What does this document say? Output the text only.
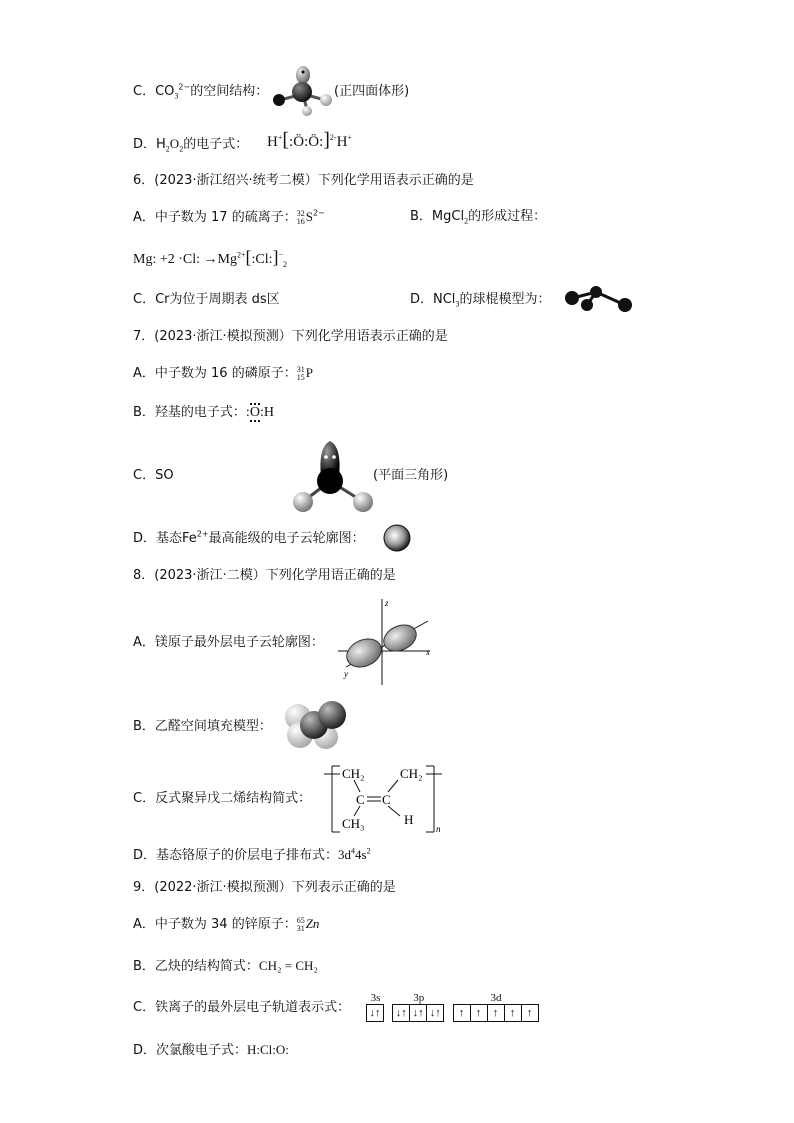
C．$CO_3^{2-}$的空间结构：	(正四面体形)
D．$H_2O_2$的电子式： H+[:Ö:Ö:]$^{2-}$H+
6．(2023·浙江绍兴·统考二模）下列化学用语表示正确的是
A．中子数为 17 的硫离子： 32
16 $S^{2-}$	B．MgCl$_2$的形成过程：
Mg: +2 ·Cl: $\to Mg^{2+}[:Cl:]^-_2$
C．Cr为位于周期表 ds区	D．NCl$_3$的球棍模型为：
7．(2023·浙江·模拟预测）下列化学用语表示正确的是
A．中子数为 16 的磷原子： 31
15 P
B．羟基的电子式：:O:H
C．SO	(平面三角形)
D．基态$Fe^{2+}$最高能级的电子云轮廓图：
8．(2023·浙江·二模）下列化学用语正确的是
A．镁原子最外层电子云轮廓图：
z
x
y
B．乙醛空间填充模型：
C．反式聚异戊二烯结构简式：
CH₂	CH₂
C C
CH₃	H
n
D．基态铬原子的价层电子排布式：$3d^44s^2$
9．(2022·浙江·模拟预测）下列表示正确的是
A．中子数为 34 的锌原子： 65
31 Zn
B．乙炔的结构简式：CH₂ = CH₂
C．铁离子的最外层电子轨道表示式：
3s
↓↑
3p
↓↑ ↓↑ ↓↑
3d
↑ ↑ ↑ ↑ ↑
D．次氯酸电子式：H:Cl:O:
